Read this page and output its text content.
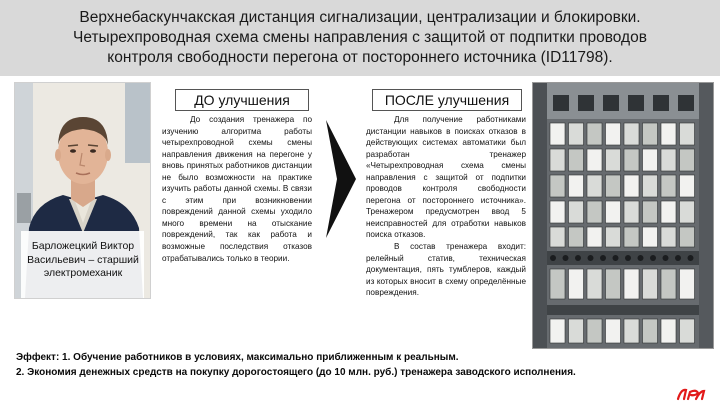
Верхнебаскунчакская дистанция сигнализации, централизации и блокировки.
Четырехпроводная схема смены направления с защитой от подпитки проводов
контроля свободности перегона от постороннего источника (ID11798).
Барложецкий Виктор Васильевич – старший электромеханик
ДО улучшения	ПОСЛЕ улучшения

До создания тренажера по изучению алгоритма работы четырехпроводной схемы смены направления движения на перегоне у вновь принятых работников дистанции не было возможности на практике изучить работы данной схемы. В связи с этим при возникновении повреждений данной схемы уходило много времени на отыскание повреждений, так как работа и возможные последствия отказов отрабатывались только в теории.

Для получение работниками дистанции навыков в поисках отказов в действующих системах автоматики был разработан тренажер «Четырехпроводная схема смены направления с защитой от подпитки проводов контроля свободности перегона от постороннего источника». Тренажером предусмотрен ввод 5 неисправностей для отработки навыков поиска отказов.

В состав тренажера входит: релейный статив, техническая документация, пять тумблеров, каждый из которых вносит в схему определённые повреждения.

Эффект: 1. Обучение работников в условиях, максимально приближенным к реальным.
2. Экономия денежных средств на покупку дорогостоящего (до 10 млн. руб.) тренажера заводского исполнения.
